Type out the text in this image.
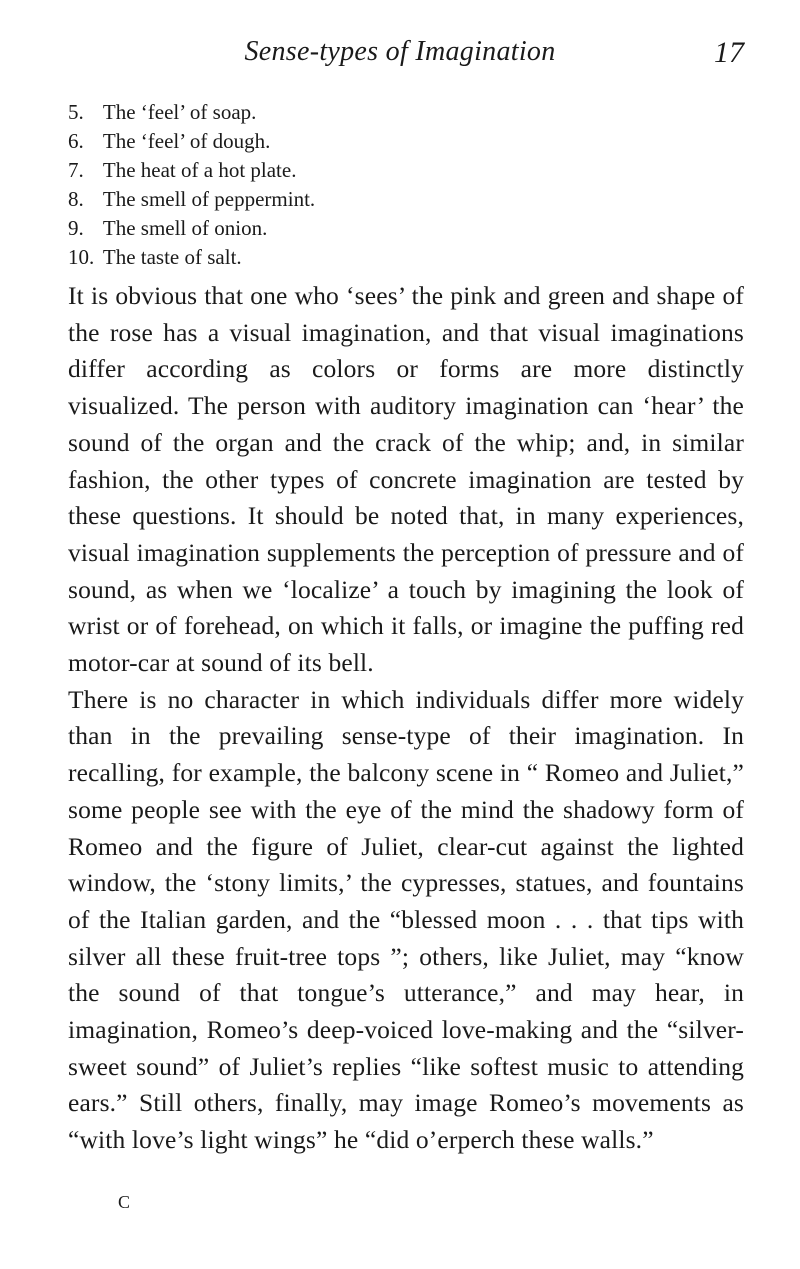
Sense-types of Imagination	17
5. The ‘feel’ of soap.
6. The ‘feel’ of dough.
7. The heat of a hot plate.
8. The smell of peppermint.
9. The smell of onion.
10. The taste of salt.

It is obvious that one who ‘sees’ the pink and green and shape of the rose has a visual imagination, and that visual imaginations differ according as colors or forms are more distinctly visualized. The person with auditory imagination can ‘hear’ the sound of the organ and the crack of the whip; and, in similar fashion, the other types of concrete imagination are tested by these questions. It should be noted that, in many experiences, visual imagination supplements the perception of pressure and of sound, as when we ‘localize’ a touch by imagining the look of wrist or of forehead, on which it falls, or imagine the puffing red motor-car at sound of its bell.

There is no character in which individuals differ more widely than in the prevailing sense-type of their imagination. In recalling, for example, the balcony scene in “ Romeo and Juliet,” some people see with the eye of the mind the shadowy form of Romeo and the figure of Juliet, clear-cut against the lighted window, the ‘stony limits,’ the cypresses, statues, and fountains of the Italian garden, and the “blessed moon . . . that tips with silver all these fruit-tree tops ”; others, like Juliet, may “know the sound of that tongue’s utterance,” and may hear, in imagination, Romeo’s deep-voiced love-making and the “silver-sweet sound” of Juliet’s replies “like softest music to attending ears.” Still others, finally, may image Romeo’s movements as “with love’s light wings” he “did o’erperch these walls.”

C
